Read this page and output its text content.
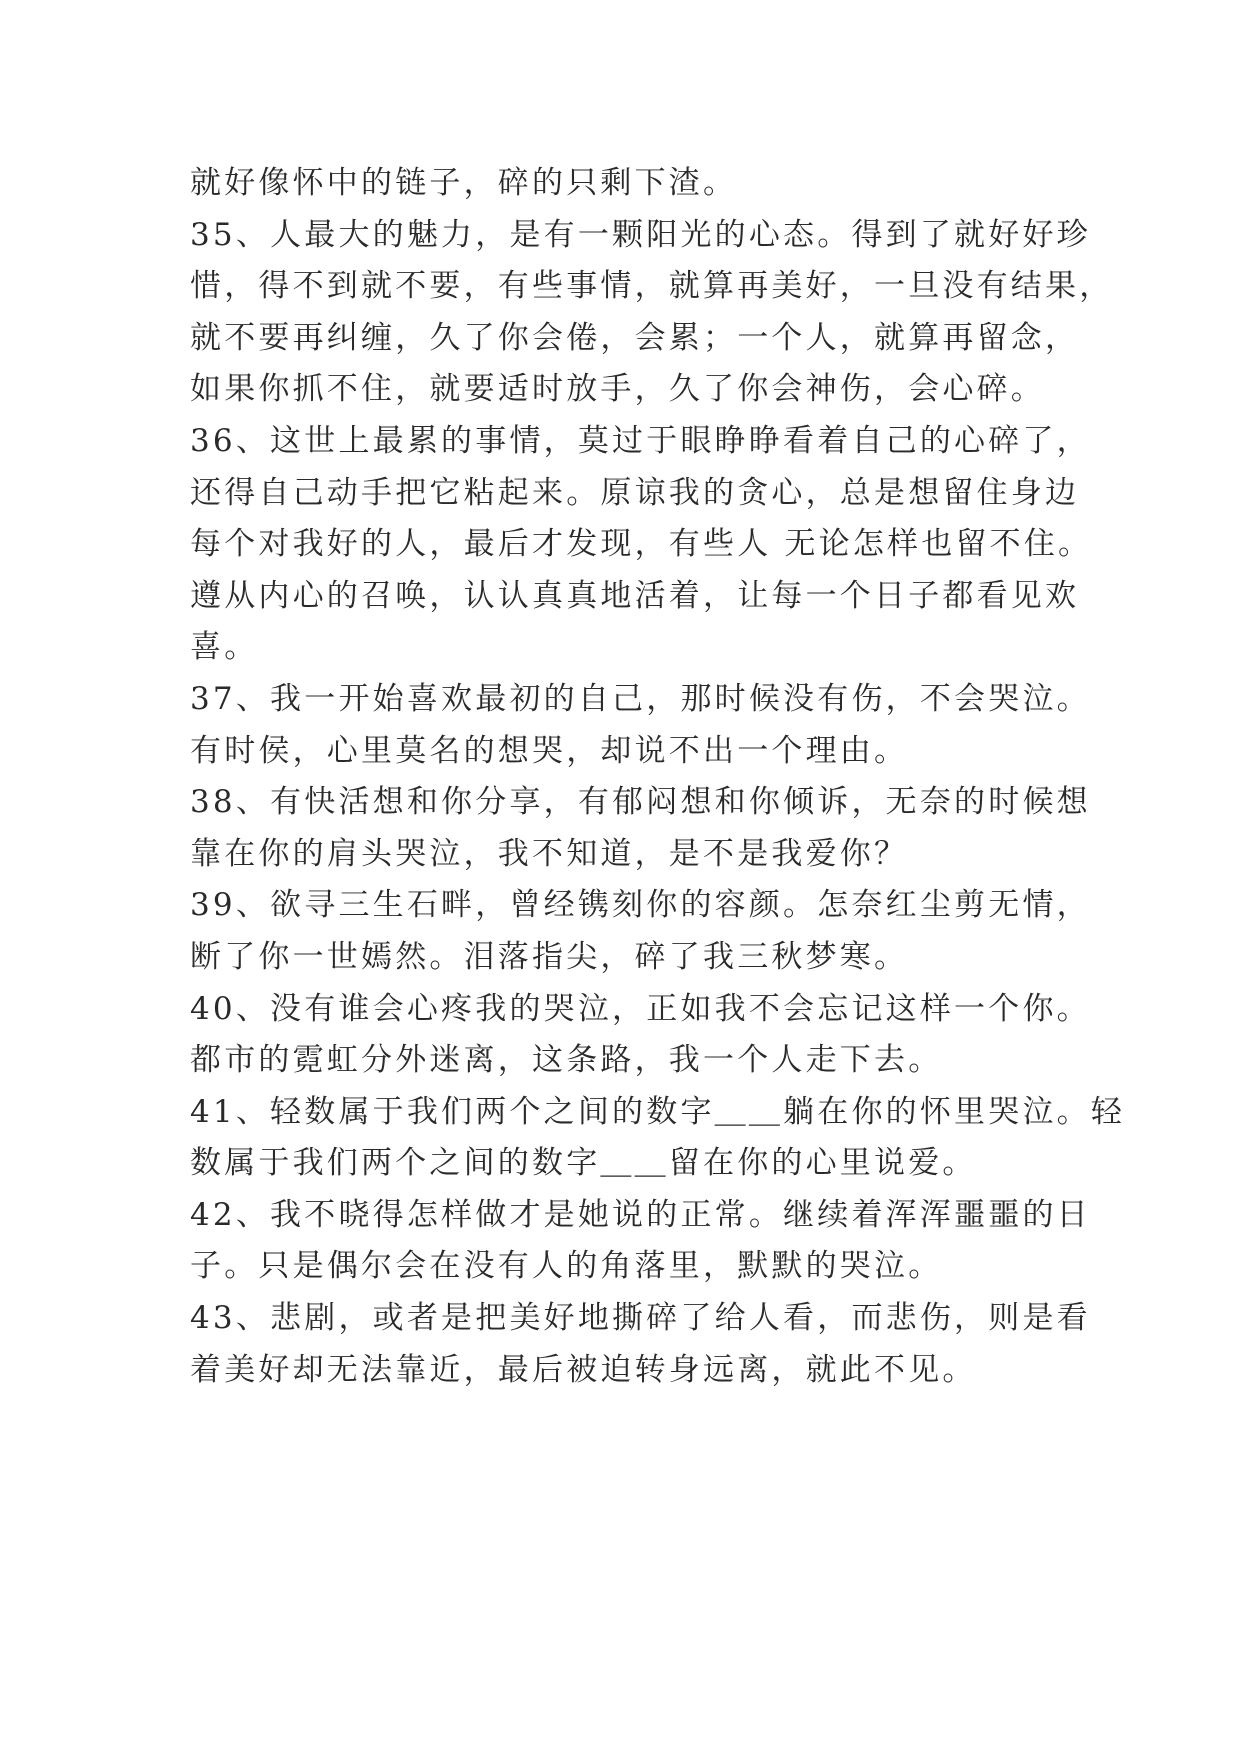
就好像怀中的链子，碎的只剩下渣。
35、人最大的魅力，是有一颗阳光的心态。得到了就好好珍
惜，得不到就不要，有些事情，就算再美好，一旦没有结果，
就不要再纠缠，久了你会倦，会累；一个人，就算再留念，
如果你抓不住，就要适时放手，久了你会神伤，会心碎。
36、这世上最累的事情，莫过于眼睁睁看着自己的心碎了，
还得自己动手把它粘起来。原谅我的贪心，总是想留住身边
每个对我好的人，最后才发现，有些人 无论怎样也留不住。
遵从内心的召唤，认认真真地活着，让每一个日子都看见欢
喜。
37、我一开始喜欢最初的自己，那时候没有伤，不会哭泣。
有时侯，心里莫名的想哭，却说不出一个理由。
38、有快活想和你分享，有郁闷想和你倾诉，无奈的时候想
靠在你的肩头哭泣，我不知道，是不是我爱你？
39、欲寻三生石畔，曾经镌刻你的容颜。怎奈红尘剪无情，
断了你一世嫣然。泪落指尖，碎了我三秋梦寒。
40、没有谁会心疼我的哭泣，正如我不会忘记这样一个你。
都市的霓虹分外迷离，这条路，我一个人走下去。
41、轻数属于我们两个之间的数字＿＿躺在你的怀里哭泣。轻
数属于我们两个之间的数字＿＿留在你的心里说爱。
42、我不晓得怎样做才是她说的正常。继续着浑浑噩噩的日
子。只是偶尔会在没有人的角落里，默默的哭泣。
43、悲剧，或者是把美好地撕碎了给人看，而悲伤，则是看
着美好却无法靠近，最后被迫转身远离，就此不见。
